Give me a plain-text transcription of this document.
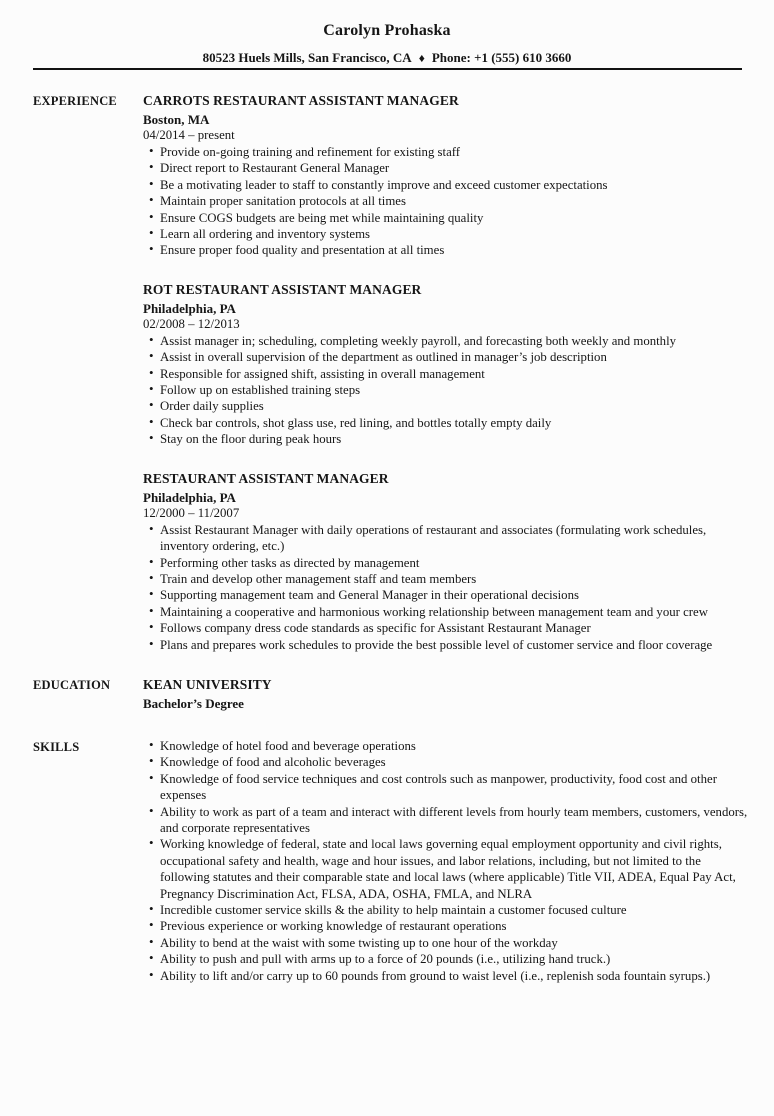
Carolyn Prohaska
80523 Huels Mills, San Francisco, CA ♦ Phone: +1 (555) 610 3660
EXPERIENCE	CARROTS RESTAURANT ASSISTANT MANAGER
Boston, MA
04/2014 – present
• Provide on-going training and refinement for existing staff
• Direct report to Restaurant General Manager
• Be a motivating leader to staff to constantly improve and exceed customer expectations
• Maintain proper sanitation protocols at all times
• Ensure COGS budgets are being met while maintaining quality
• Learn all ordering and inventory systems
• Ensure proper food quality and presentation at all times
ROT RESTAURANT ASSISTANT MANAGER
Philadelphia, PA
02/2008 – 12/2013
• Assist manager in; scheduling, completing weekly payroll, and forecasting both weekly and monthly
• Assist in overall supervision of the department as outlined in manager’s job description
• Responsible for assigned shift, assisting in overall management
• Follow up on established training steps
• Order daily supplies
• Check bar controls, shot glass use, red lining, and bottles totally empty daily
• Stay on the floor during peak hours
RESTAURANT ASSISTANT MANAGER
Philadelphia, PA
12/2000 – 11/2007
• Assist Restaurant Manager with daily operations of restaurant and associates (formulating work schedules, inventory ordering, etc.)
• Performing other tasks as directed by management
• Train and develop other management staff and team members
• Supporting management team and General Manager in their operational decisions
• Maintaining a cooperative and harmonious working relationship between management team and your crew
• Follows company dress code standards as specific for Assistant Restaurant Manager
• Plans and prepares work schedules to provide the best possible level of customer service and floor coverage
EDUCATION	KEAN UNIVERSITY
Bachelor’s Degree
SKILLS	• Knowledge of hotel food and beverage operations
• Knowledge of food and alcoholic beverages
• Knowledge of food service techniques and cost controls such as manpower, productivity, food cost and other expenses
• Ability to work as part of a team and interact with different levels from hourly team members, customers, vendors, and corporate representatives
• Working knowledge of federal, state and local laws governing equal employment opportunity and civil rights, occupational safety and health, wage and hour issues, and labor relations, including, but not limited to the following statutes and their comparable state and local laws (where applicable) Title VII, ADEA, Equal Pay Act, Pregnancy Discrimination Act, FLSA, ADA, OSHA, FMLA, and NLRA
• Incredible customer service skills & the ability to help maintain a customer focused culture
• Previous experience or working knowledge of restaurant operations
• Ability to bend at the waist with some twisting up to one hour of the workday
• Ability to push and pull with arms up to a force of 20 pounds (i.e., utilizing hand truck.)
• Ability to lift and/or carry up to 60 pounds from ground to waist level (i.e., replenish soda fountain syrups.)
